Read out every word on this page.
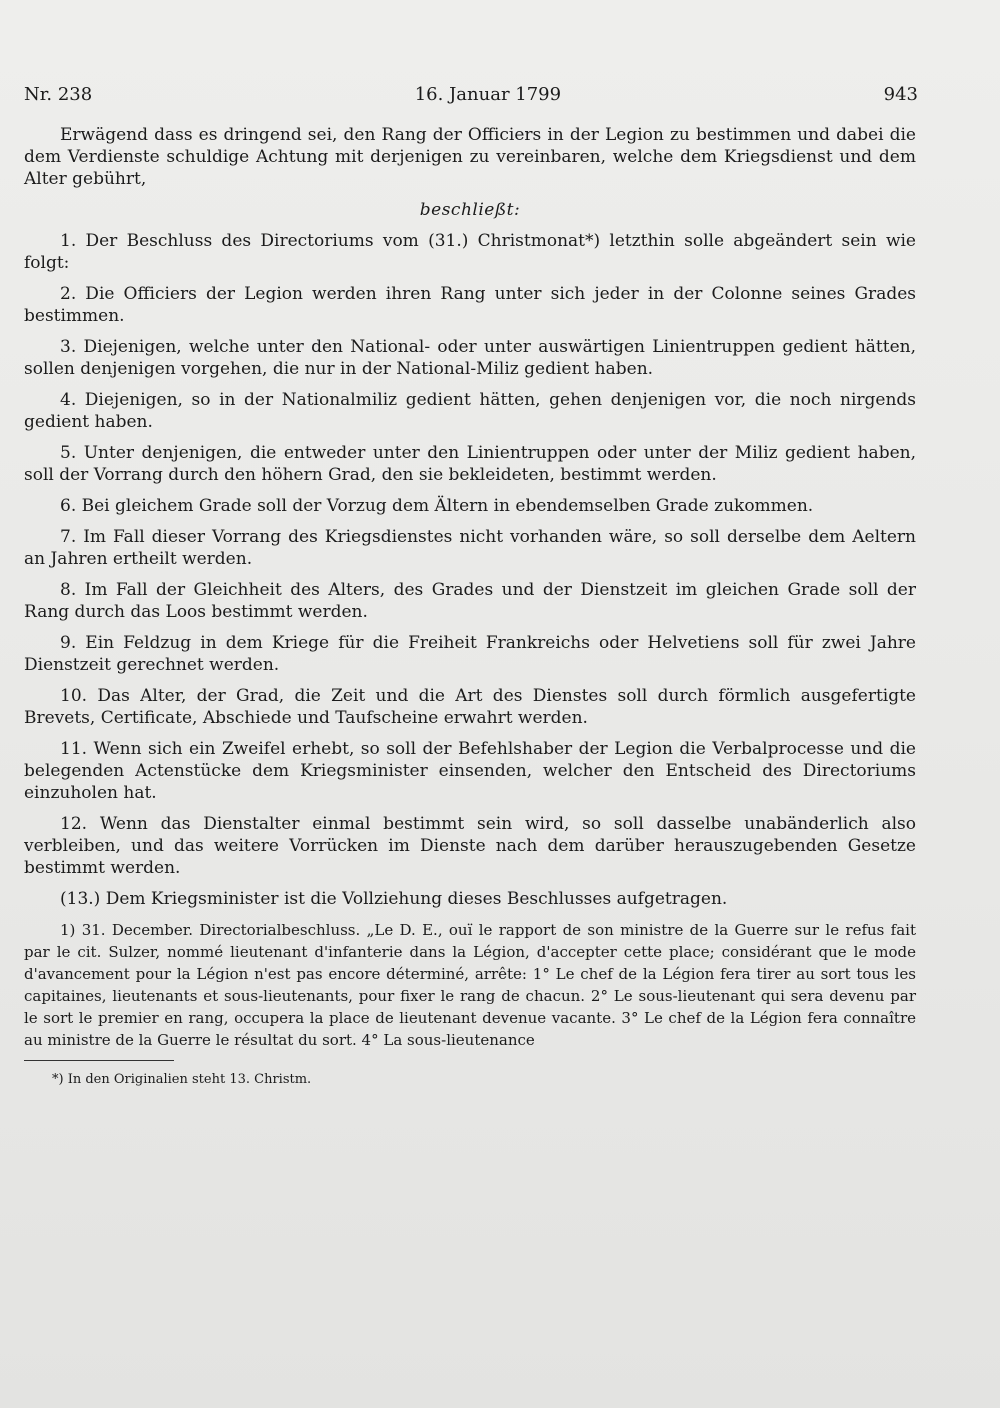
Nr. 238	16. Januar 1799	943

Erwägend dass es dringend sei, den Rang der Officiers in der Legion zu bestimmen und dabei die dem Verdienste schuldige Achtung mit derjenigen zu vereinbaren, welche dem Kriegsdienst und dem Alter gebührt,

beschließt:

1. Der Beschluss des Directoriums vom (31.) Christmonat*) letzthin solle abgeändert sein wie folgt:

2. Die Officiers der Legion werden ihren Rang unter sich jeder in der Colonne seines Grades bestimmen.

3. Diejenigen, welche unter den National- oder unter auswärtigen Linientruppen gedient hätten, sollen denjenigen vorgehen, die nur in der National-Miliz gedient haben.

4. Diejenigen, so in der Nationalmiliz gedient hätten, gehen denjenigen vor, die noch nirgends gedient haben.

5. Unter denjenigen, die entweder unter den Linientruppen oder unter der Miliz gedient haben, soll der Vorrang durch den höhern Grad, den sie bekleideten, bestimmt werden.

6. Bei gleichem Grade soll der Vorzug dem Ältern in ebendemselben Grade zukommen.

7. Im Fall dieser Vorrang des Kriegsdienstes nicht vorhanden wäre, so soll derselbe dem Aeltern an Jahren ertheilt werden.

8. Im Fall der Gleichheit des Alters, des Grades und der Dienstzeit im gleichen Grade soll der Rang durch das Loos bestimmt werden.

9. Ein Feldzug in dem Kriege für die Freiheit Frankreichs oder Helvetiens soll für zwei Jahre Dienstzeit gerechnet werden.

10. Das Alter, der Grad, die Zeit und die Art des Dienstes soll durch förmlich ausgefertigte Brevets, Certificate, Abschiede und Taufscheine erwahrt werden.

11. Wenn sich ein Zweifel erhebt, so soll der Befehlshaber der Legion die Verbalprocesse und die belegenden Actenstücke dem Kriegsminister einsenden, welcher den Entscheid des Directoriums einzuholen hat.

12. Wenn das Dienstalter einmal bestimmt sein wird, so soll dasselbe unabänderlich also verbleiben, und das weitere Vorrücken im Dienste nach dem darüber herauszugebenden Gesetze bestimmt werden.

(13.) Dem Kriegsminister ist die Vollziehung dieses Beschlusses aufgetragen.

1) 31. December. Directorialbeschluss. „Le D. E., ouï le rapport de son ministre de la Guerre sur le refus fait par le cit. Sulzer, nommé lieutenant d'infanterie dans la Légion, d'accepter cette place; considérant que le mode d'avancement pour la Légion n'est pas encore déterminé, arrête: 1° Le chef de la Légion fera tirer au sort tous les capitaines, lieutenants et sous-lieutenants, pour fixer le rang de chacun. 2° Le sous-lieutenant qui sera devenu par le sort le premier en rang, occupera la place de lieutenant devenue vacante. 3° Le chef de la Légion fera connaître au ministre de la Guerre le résultat du sort. 4° La sous-lieutenance

*) In den Originalien steht 13. Christm.
